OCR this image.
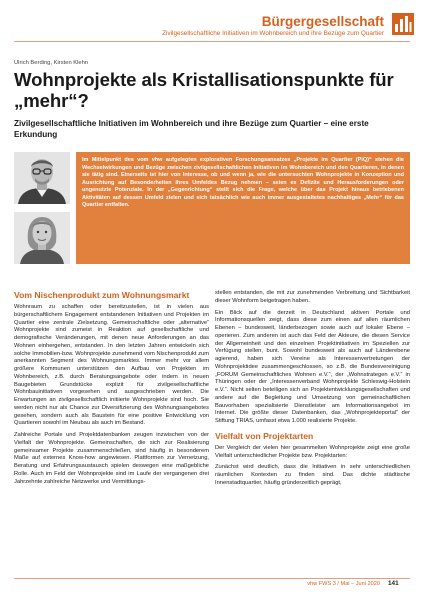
Bürgergesellschaft
Zivilgesellschaftliche Initiativen im Wohnbereich und ihre Bezüge zum Quartier
Ulrich Berding, Kirsten Klehn
Wohnprojekte als Kristallisationspunkte für „mehr“?
Zivilgesellschaftliche Initiativen im Wohnbereich und ihre Bezüge zum Quartier – eine erste Erkundung
Im Mittelpunkt des vom vhw aufgelegten explorativen Forschungsansatzes „Projekte im Quartier (PiQ)“ stehen die Wechselwirkungen und Bezüge zwischen zivilgesellschaftlichen Initiativen im Wohnbereich und den Quartieren, in denen sie tätig sind. Einerseits ist hier von Interesse, ob und wenn ja, wie die untersuchten Wohnprojekte in Konzeption und Ausrichtung auf Besonderheiten ihres Umfeldes Bezug nehmen – seien es Defizite und Herausforderungen oder ungenutzte Potenziale. In der „Gegenrichtung“ stellt sich die Frage, welche über das Projekt hinaus betriebenen Aktivitäten auf dessen Umfeld zielen und sich tatsächlich wie auch immer ausgestaltetes nachhaltiges „Mehr“ für das Quartier entfalten.
Vom Nischenprodukt zum Wohnungsmarkt

Wohnraum zu schaffen oder bereitzustellen, ist in vielen aus bürgerschaftlichem Engagement entstandenen Initiativen und Projekten im Quartier eine zentrale Zielsetzung. Gemeinschaftliche oder „alternative“ Wohnprojekte sind zumeist in Reaktion auf gesellschaftliche und demografische Veränderungen, mit denen neue Anforderungen an das Wohnen einhergehen, entstanden. In den letzten Jahren entwickeln sich solche Immobilien-bzw. Wohnprojekte zunehmend vom Nischenprodukt zum anerkannten Segment des Wohnungsmarktes. Immer mehr vor allem größere Kommunen unterstützen den Aufbau von Projekten im Wohnbereich, z.B. durch Beratungsangebote oder indem in neuen Baugebieten Grundstücke explizit für zivilgesellschaftliche Wohnbauinitiativen vorgesehen und ausgeschrieben werden. Die Erwartungen an zivilgesellschaftlich initiierte Wohnprojekte sind hoch. Sie werden nicht nur als Chance zur Diversifizierung des Wohnungsangebotes gesehen, sondern auch als Baustein für eine positive Entwicklung von Quartieren sowohl im Neubau als auch im Bestand.

Zahlreiche Portale und Projektdatenbanken zeugen inzwischen von der Vielfalt der Wohnprojekte. Gemeinschaften, die sich zur Realisierung gemeinsamer Projekte zusammenschließen, sind häufig in besonderem Maße auf externes Know-how angewiesen. Plattformen zur Vernetzung, Beratung und Erfahrungsaustausch spielen deswegen eine maßgebliche Rolle. Auch im Feld der Wohnprojekte sind im Laufe der vergangenen drei Jahrzehnte zahlreiche Netzwerke und Vermittlungs-

stellen entstanden, die mit zur zunehmenden Verbreitung und Sichtbarkeit dieser Wohnform beigetragen haben.

Ein Blick auf die derzeit in Deutschland aktiven Portale und Informationsquellen zeigt, dass diese zum einen auf allen räumlichen Ebenen – bundesweit, länderbezogen sowie auch auf lokaler Ebene – operieren. Zum anderen ist auch das Feld der Akteure, die diesen Service der Allgemeinheit und den einzelnen Projektinitiativen im Speziellen zur Verfügung stellen, bunt. Sowohl bundesweit als auch auf Länderebene agierend, haben sich Vereine als Interessenvertretungen der Wohnprojektidee zusammengeschlossen, so z.B. die Bundesvereinigung „FORUM Gemeinschaftliches Wohnen e.V.“, der „Wohnstrategen e.V.“ in Thüringen oder der „Interessenverband Wohnprojekte Schleswig-Holstein e.V.“. Nicht selten beteiligen sich an Projektentwicklungsgesellschaften und andere auf die Begleitung und Umsetzung von gemeinschaftlichen Bauvorhaben spezialisierte Dienstleister am Informationsangebot im Internet. Die größte dieser Datenbanken, das „Wohnprojekteportal“ der Stiftung TRIAS, umfasst etwa 1.000 realisierte Projekte.

Vielfalt von Projektarten

Der Vergleich der vielen hier gesammelten Wohnprojekte zeigt eine große Vielfalt unterschiedlicher Projekte bzw. Projektarten:

Zunächst wird deutlich, dass die Initiativen in sehr unterschiedlichen räumlichen Kontexten zu finden sind. Das dichte städtische Innenstadtquartier, häufig gründerzeitlich geprägt,

vhw FWS 3 / Mai – Juni 2020 141
